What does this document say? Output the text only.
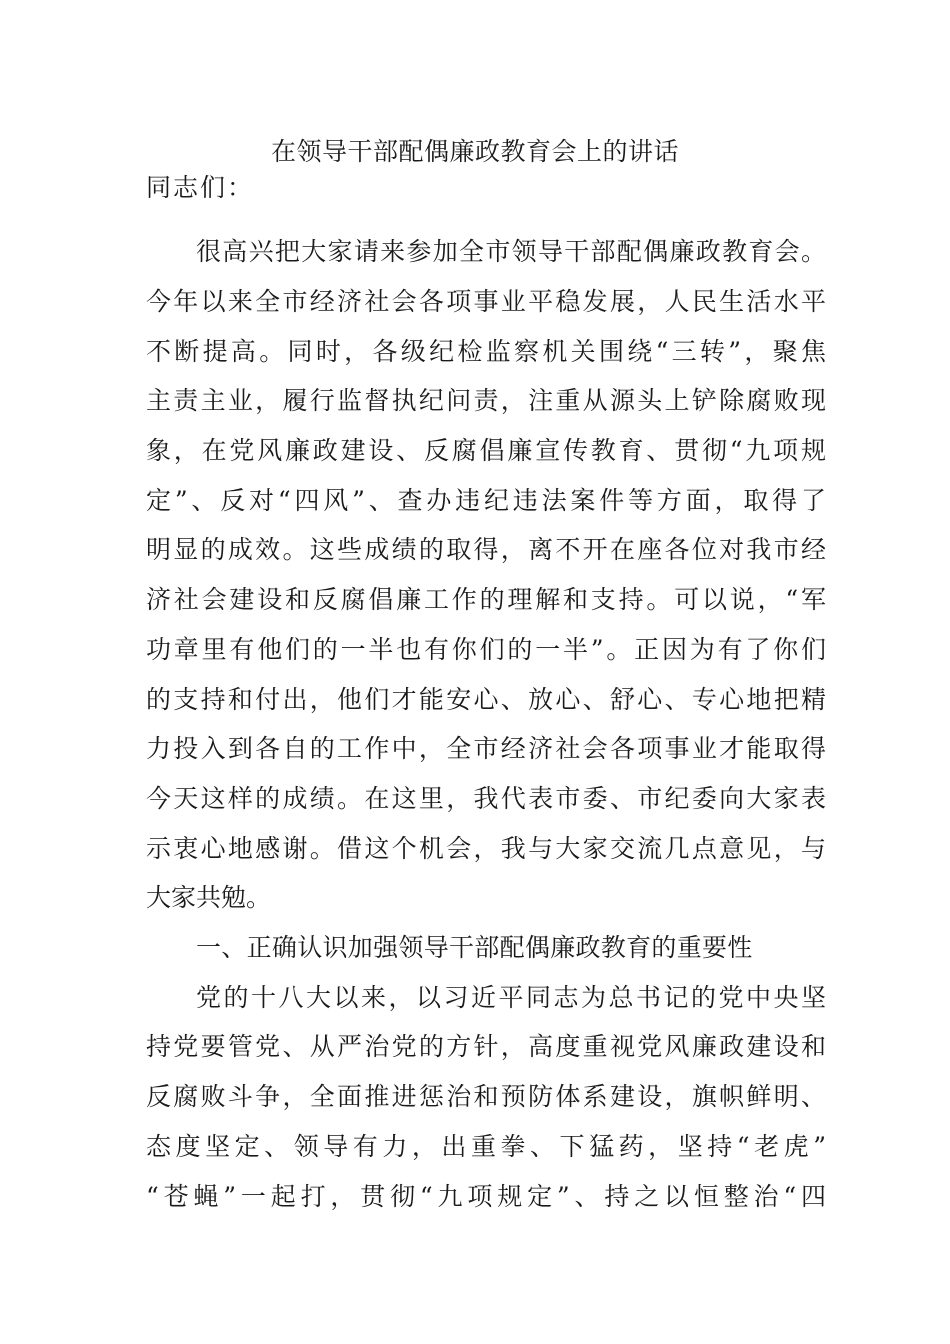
在领导干部配偶廉政教育会上的讲话
同志们：
很高兴把大家请来参加全市领导干部配偶廉政教育会。
今年以来全市经济社会各项事业平稳发展，人民生活水平
不断提高。同时，各级纪检监察机关围绕“三转”，聚焦
主责主业，履行监督执纪问责，注重从源头上铲除腐败现
象，在党风廉政建设、反腐倡廉宣传教育、贯彻“九项规
定”、反对“四风”、查办违纪违法案件等方面，取得了
明显的成效。这些成绩的取得，离不开在座各位对我市经
济社会建设和反腐倡廉工作的理解和支持。可以说，“军
功章里有他们的一半也有你们的一半”。正因为有了你们
的支持和付出，他们才能安心、放心、舒心、专心地把精
力投入到各自的工作中，全市经济社会各项事业才能取得
今天这样的成绩。在这里，我代表市委、市纪委向大家表
示衷心地感谢。借这个机会，我与大家交流几点意见，与
大家共勉。
一、正确认识加强领导干部配偶廉政教育的重要性
党的十八大以来，以习近平同志为总书记的党中央坚
持党要管党、从严治党的方针，高度重视党风廉政建设和
反腐败斗争，全面推进惩治和预防体系建设，旗帜鲜明、
态度坚定、领导有力，出重拳、下猛药，坚持“老虎”
“苍蝇”一起打，贯彻“九项规定”、持之以恒整治“四
